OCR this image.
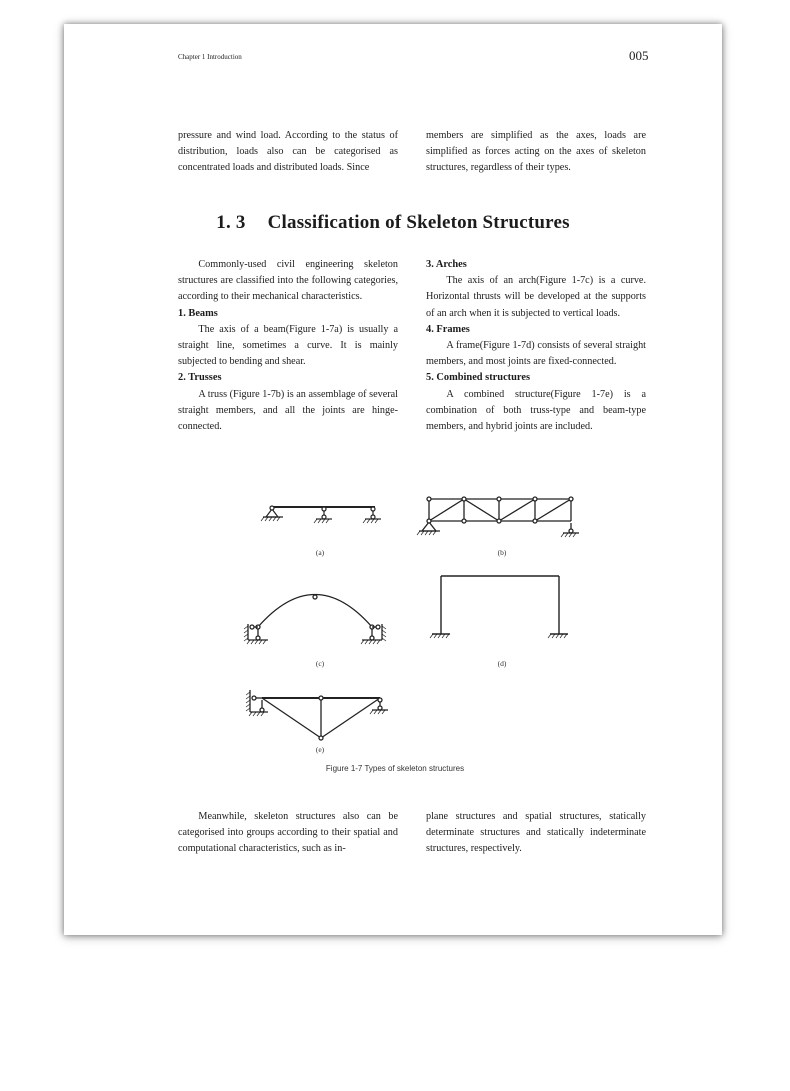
Chapter 1 Introduction	005

pressure and wind load. According to the status of distribution, loads also can be categorised as concentrated loads and distributed loads. Since

members are simplified as the axes, loads are simplified as forces acting on the axes of skeleton structures, regardless of their types.

1. 3 Classification of Skeleton Structures

Commonly-used civil engineering skeleton structures are classified into the following categories, according to their mechanical characteristics.

1. Beams

The axis of a beam(Figure 1-7a) is usually a straight line, sometimes a curve. It is mainly subjected to bending and shear.

2. Trusses

A truss (Figure 1-7b) is an assemblage of several straight members, and all the joints are hinge-connected.

3. Arches

The axis of an arch(Figure 1-7c) is a curve. Horizontal thrusts will be developed at the supports of an arch when it is subjected to vertical loads.

4. Frames

A frame(Figure 1-7d) consists of several straight members, and most joints are fixed-connected.

5. Combined structures

A combined structure(Figure 1-7e) is a combination of both truss-type and beam-type members, and hybrid joints are included.

(a)	(b)
(c)	(d)
(e)
Figure 1-7 Types of skeleton structures

Meanwhile, skeleton structures also can be categorised into groups according to their spatial and computational characteristics, such as in-

plane structures and spatial structures, statically determinate structures and statically indeterminate structures, respectively.
